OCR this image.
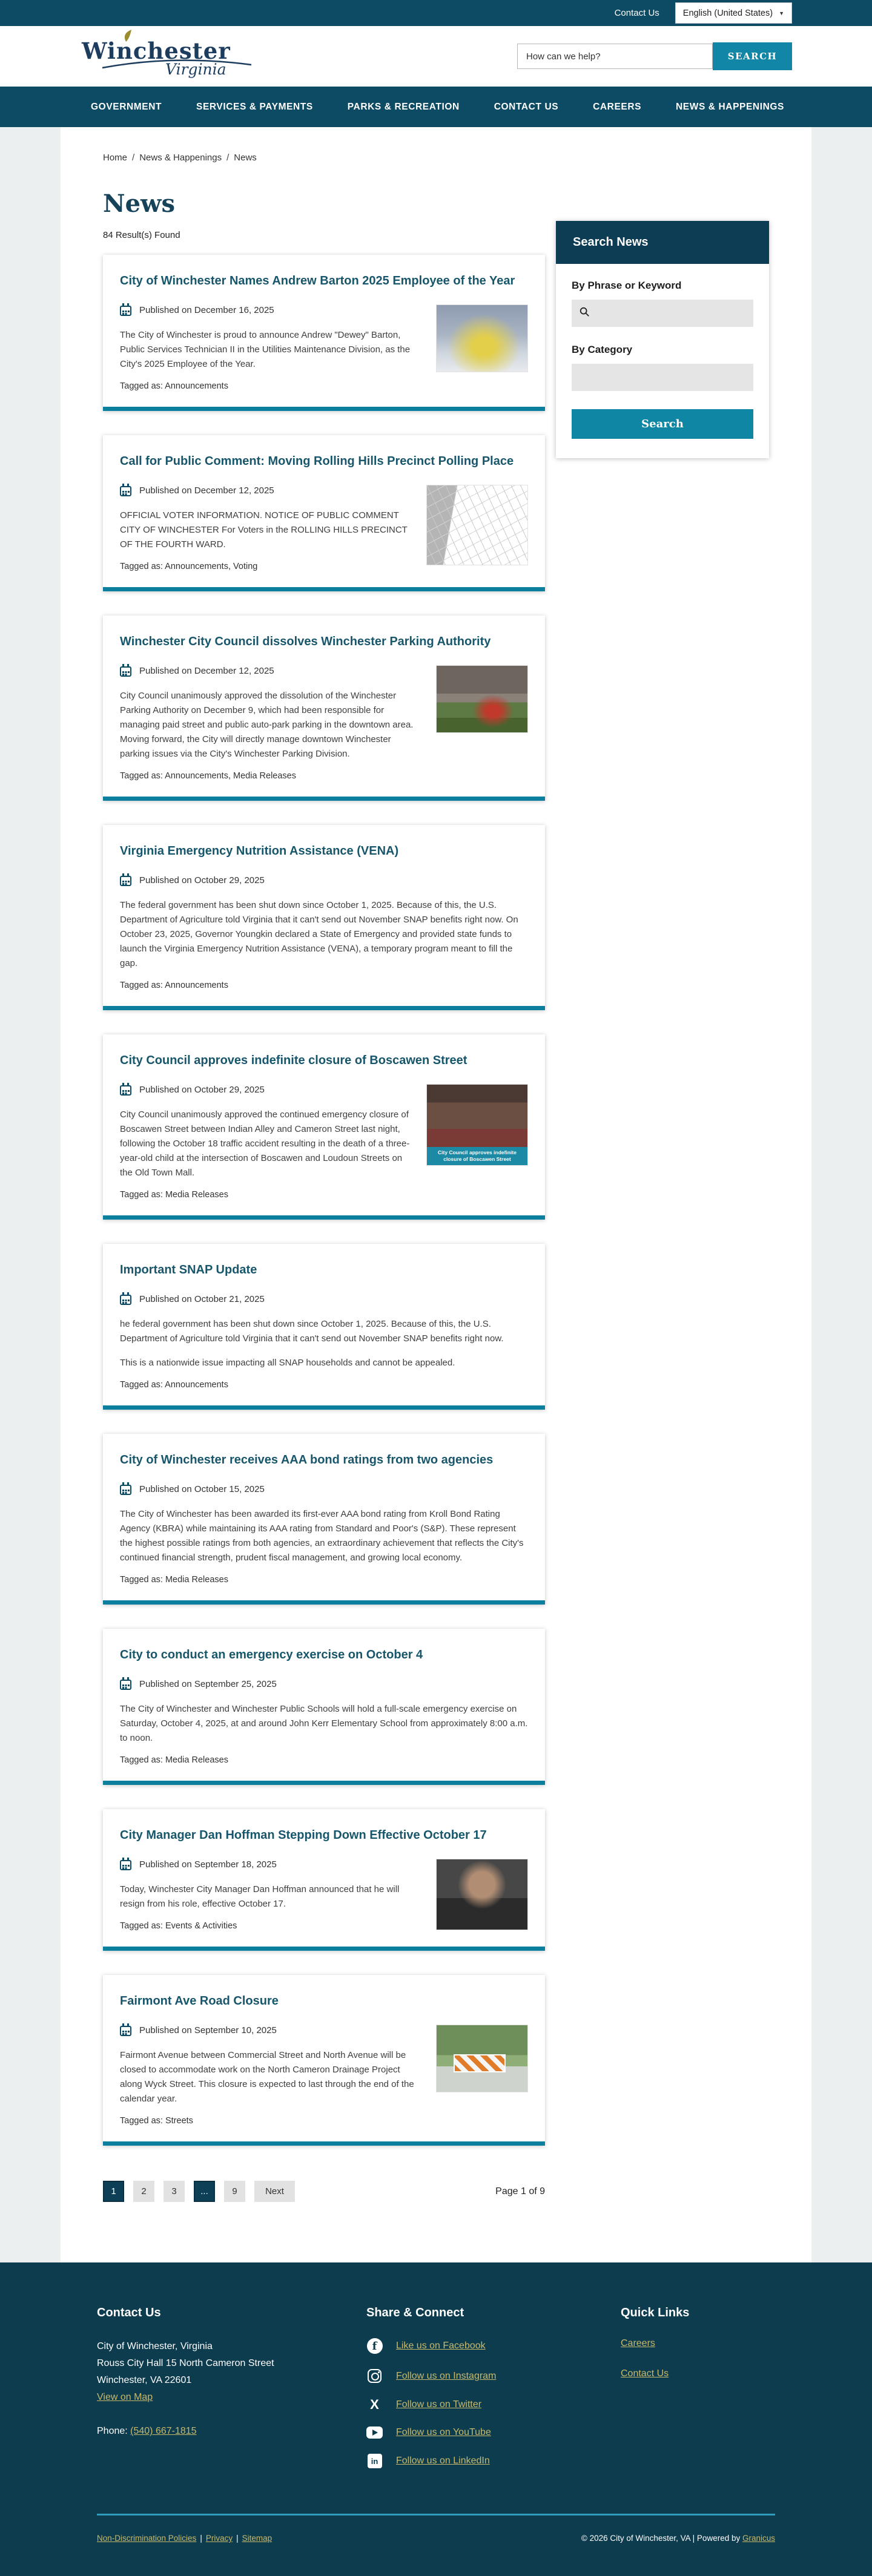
Contact Us	English (United States) ▼
Winchester
Virginia
How can we help?
SEARCH
GOVERNMENT	SERVICES & PAYMENTS	PARKS & RECREATION	CONTACT US	CAREERS	NEWS & HAPPENINGS
Home / News & Happenings / News
News
84 Result(s) Found
City of Winchester Names Andrew Barton 2025 Employee of the Year
Published on December 16, 2025

The City of Winchester is proud to announce Andrew "Dewey" Barton, Public Services Technician II in the Utilities Maintenance Division, as the City's 2025 Employee of the Year.

Tagged as: Announcements
Call for Public Comment: Moving Rolling Hills Precinct Polling Place
Published on December 12, 2025

OFFICIAL VOTER INFORMATION. NOTICE OF PUBLIC COMMENT CITY OF WINCHESTER For Voters in the ROLLING HILLS PRECINCT OF THE FOURTH WARD.

Tagged as: Announcements, Voting
Winchester City Council dissolves Winchester Parking Authority
Published on December 12, 2025

City Council unanimously approved the dissolution of the Winchester Parking Authority on December 9, which had been responsible for managing paid street and public auto-park parking in the downtown area. Moving forward, the City will directly manage downtown Winchester parking issues via the City's Winchester Parking Division.

Tagged as: Announcements, Media Releases
Virginia Emergency Nutrition Assistance (VENA)
Published on October 29, 2025

The federal government has been shut down since October 1, 2025. Because of this, the U.S. Department of Agriculture told Virginia that it can't send out November SNAP benefits right now. On October 23, 2025, Governor Youngkin declared a State of Emergency and provided state funds to launch the Virginia Emergency Nutrition Assistance (VENA), a temporary program meant to fill the gap.

Tagged as: Announcements
City Council approves indefinite closure of Boscawen Street
Published on October 29, 2025

City Council unanimously approved the continued emergency closure of Boscawen Street between Indian Alley and Cameron Street last night, following the October 18 traffic accident resulting in the death of a three-year-old child at the intersection of Boscawen and Loudoun Streets on the Old Town Mall.

Tagged as: Media Releases
City Council approves indefinite closure of Boscawen Street
Important SNAP Update
Published on October 21, 2025

he federal government has been shut down since October 1, 2025. Because of this, the U.S. Department of Agriculture told Virginia that it can't send out November SNAP benefits right now.

This is a nationwide issue impacting all SNAP households and cannot be appealed.

Tagged as: Announcements
City of Winchester receives AAA bond ratings from two agencies
Published on October 15, 2025

The City of Winchester has been awarded its first-ever AAA bond rating from Kroll Bond Rating Agency (KBRA) while maintaining its AAA rating from Standard and Poor's (S&P). These represent the highest possible ratings from both agencies, an extraordinary achievement that reflects the City's continued financial strength, prudent fiscal management, and growing local economy.

Tagged as: Media Releases
City to conduct an emergency exercise on October 4
Published on September 25, 2025

The City of Winchester and Winchester Public Schools will hold a full-scale emergency exercise on Saturday, October 4, 2025, at and around John Kerr Elementary School from approximately 8:00 a.m. to noon.

Tagged as: Media Releases
City Manager Dan Hoffman Stepping Down Effective October 17
Published on September 18, 2025

Today, Winchester City Manager Dan Hoffman announced that he will resign from his role, effective October 17.

Tagged as: Events & Activities
Fairmont Ave Road Closure
Published on September 10, 2025

Fairmont Avenue between Commercial Street and North Avenue will be closed to accommodate work on the North Cameron Drainage Project along Wyck Street. This closure is expected to last through the end of the calendar year.

Tagged as: Streets
1	2	3	...	9	Next	Page 1 of 9
Search News
By Phrase or Keyword
By Category
Search
Contact Us

City of Winchester, Virginia

Rouss City Hall 15 North Cameron Street

Winchester, VA 22601

View on Map

Phone: (540) 667-1815

Share & Connect
f	Like us on Facebook
Follow us on Instagram
X Follow us on Twitter
Follow us on YouTube
in	Follow us on LinkedIn
Quick Links
Careers
Contact Us
Non-Discrimination Policies | Privacy | Sitemap	© 2026 City of Winchester, VA | Powered by Granicus
